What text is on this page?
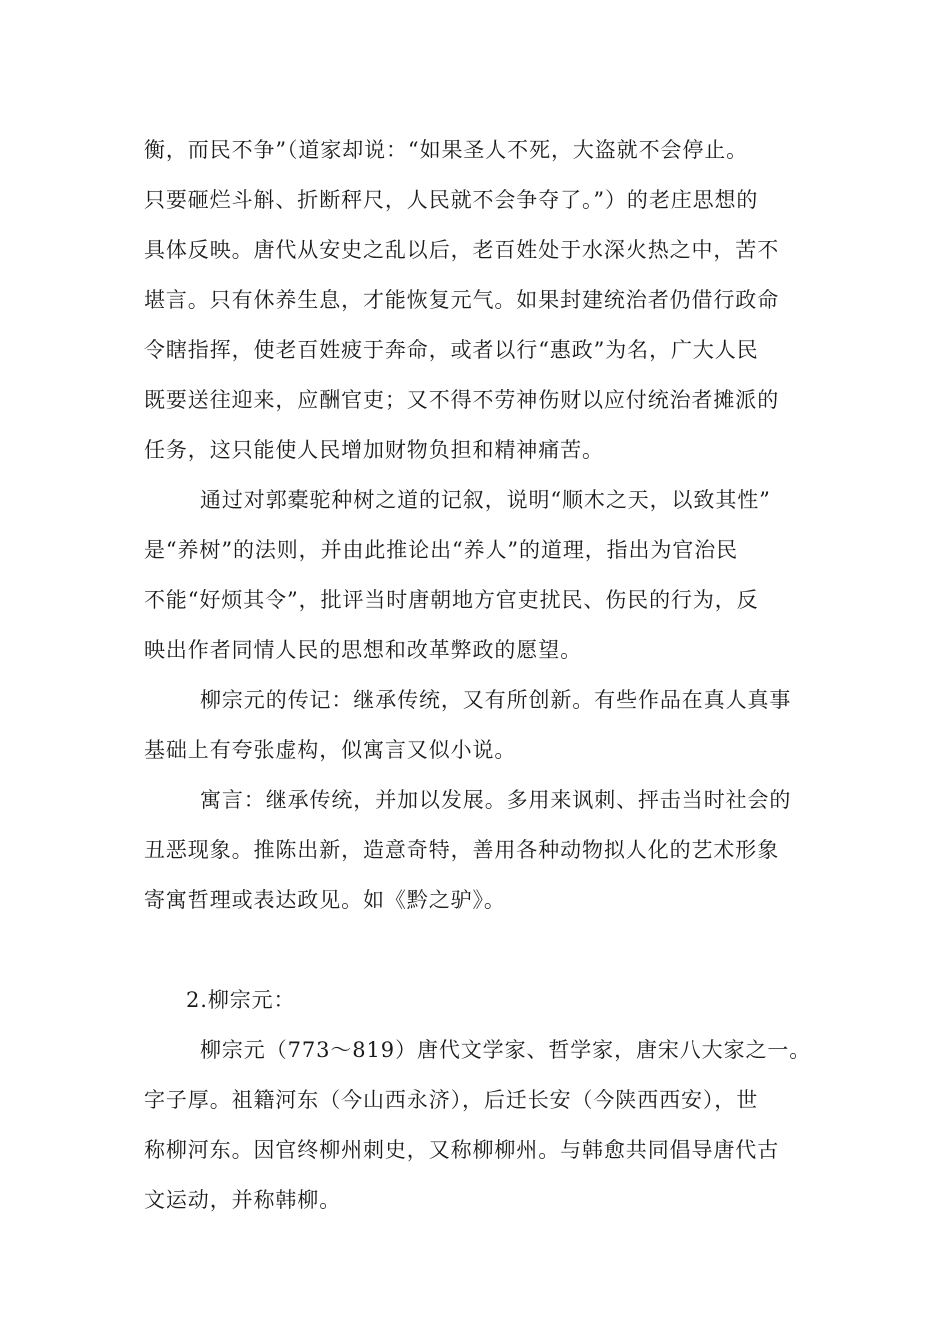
衡，而民不争”（道家却说：“如果圣人不死，大盗就不会停止。
只要砸烂斗斛、折断秤尺，人民就不会争夺了。”）的老庄思想的
具体反映。唐代从安史之乱以后，老百姓处于水深火热之中，苦不
堪言。只有休养生息，才能恢复元气。如果封建统治者仍借行政命
令瞎指挥，使老百姓疲于奔命，或者以行“惠政”为名，广大人民
既要送往迎来，应酬官吏；又不得不劳神伤财以应付统治者摊派的
任务，这只能使人民增加财物负担和精神痛苦。
通过对郭橐驼种树之道的记叙，说明“顺木之天，以致其性”
是“养树”的法则，并由此推论出“养人”的道理，指出为官治民
不能“好烦其令”，批评当时唐朝地方官吏扰民、伤民的行为，反
映出作者同情人民的思想和改革弊政的愿望。
柳宗元的传记：继承传统，又有所创新。有些作品在真人真事
基础上有夸张虚构，似寓言又似小说。
寓言：继承传统，并加以发展。多用来讽刺、抨击当时社会的
丑恶现象。推陈出新，造意奇特，善用各种动物拟人化的艺术形象
寄寓哲理或表达政见。如《黔之驴》。
2.柳宗元：
柳宗元（773～819）唐代文学家、哲学家，唐宋八大家之一。
字子厚。祖籍河东（今山西永济），后迁长安（今陕西西安），世
称柳河东。因官终柳州刺史，又称柳柳州。与韩愈共同倡导唐代古
文运动，并称韩柳。
